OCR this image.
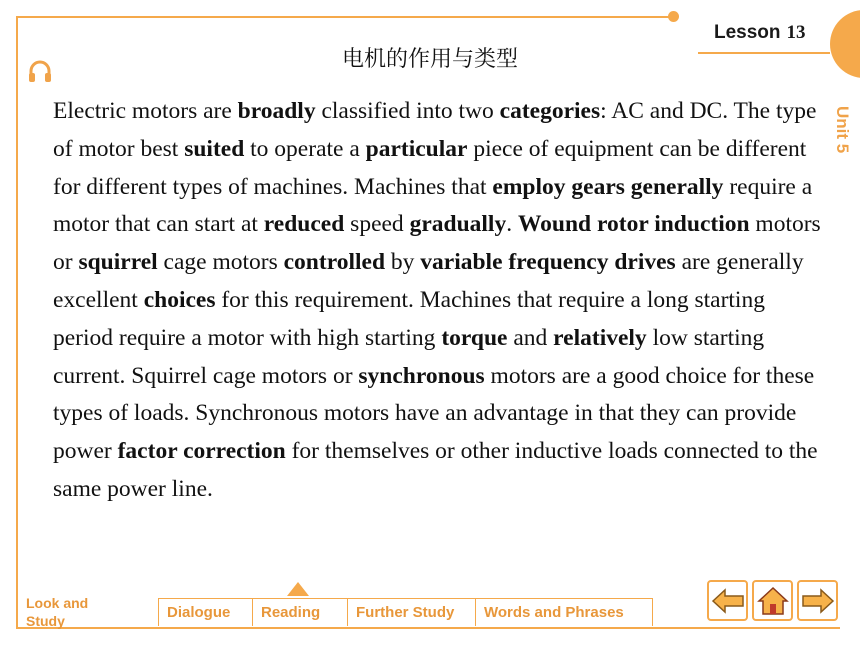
Lesson 13
Unit 5
电机的作用与类型
Electric motors are broadly classified into two categories: AC and DC. The type of motor best suited to operate a particular piece of equipment can be different for different types of machines. Machines that employ gears generally require a motor that can start at reduced speed gradually. Wound rotor induction motors or squirrel cage motors controlled by variable frequency drives are generally excellent choices for this requirement. Machines that require a long starting period require a motor with high starting torque and relatively low starting current. Squirrel cage motors or synchronous motors are a good choice for these types of loads. Synchronous motors have an advantage in that they can provide power factor correction for themselves or other inductive loads connected to the same power line.
Look and
Study	Dialogue	Reading	Further Study	Words and Phrases
